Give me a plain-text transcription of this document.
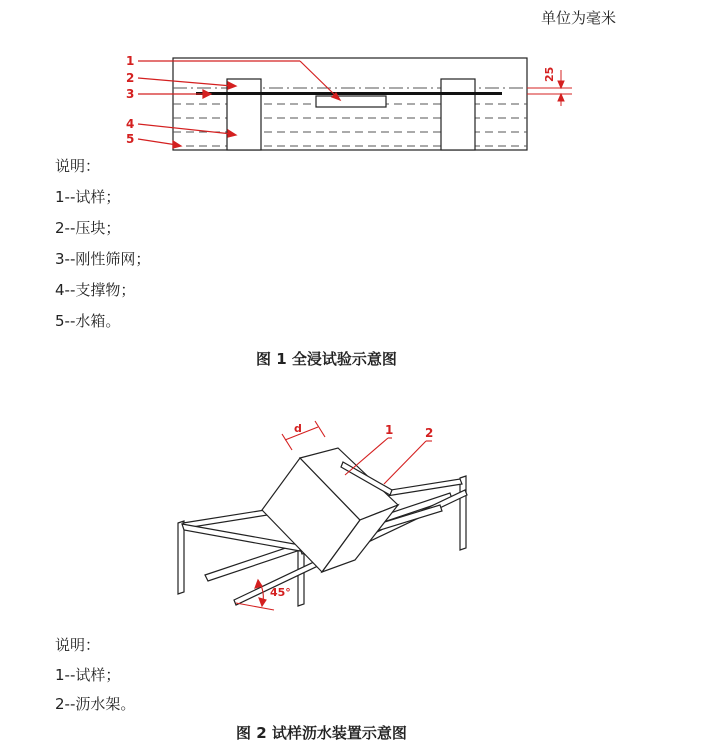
单位为毫米
1
2
3
4
5
25
说明：
1--试样；
2--压块；
3--刚性筛网；
4--支撑物；
5--水箱。
图 1 全浸试验示意图
d	1	2
45°
说明：
1--试样；
2--沥水架。
图 2 试样沥水装置示意图
